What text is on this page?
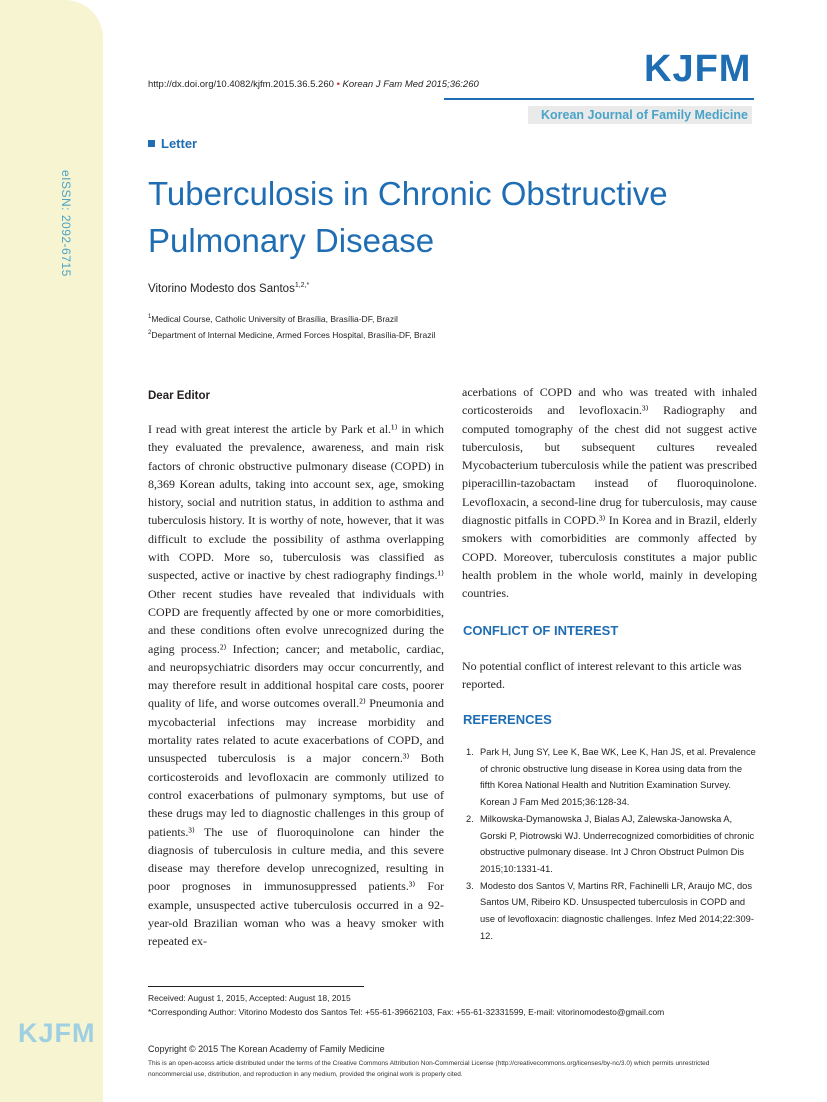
eISSN: 2092-6715
KJFM
http://dx.doi.org/10.4082/kjfm.2015.36.5.260 • Korean J Fam Med 2015;36:260	KJFM
Korean Journal of Family Medicine
Letter
Tuberculosis in Chronic Obstructive Pulmonary Disease
Vitorino Modesto dos Santos$^{1,2,*}$
$^1$Medical Course, Catholic University of Brasília, Brasília-DF, Brazil
$^2$Department of Internal Medicine, Armed Forces Hospital, Brasília-DF, Brazil
Dear Editor

I read with great interest the article by Park et al.¹⁾ in which they evaluated the prevalence, awareness, and main risk factors of chronic obstructive pulmonary disease (COPD) in 8,369 Korean adults, taking into account sex, age, smoking history, social and nutrition status, in addition to asthma and tuberculosis history. It is worthy of note, however, that it was difficult to exclude the possibility of asthma overlapping with COPD. More so, tuberculosis was classified as suspected, active or inactive by chest radiography findings.¹⁾ Other recent studies have revealed that individuals with COPD are frequently affected by one or more comorbidities, and these conditions often evolve unrecognized during the aging process.²⁾ Infection; cancer; and metabolic, cardiac, and neuropsychiatric disorders may occur concurrently, and may therefore result in additional hospital care costs, poorer quality of life, and worse outcomes overall.²⁾ Pneumonia and mycobacterial infections may increase morbidity and mortality rates related to acute exacerbations of COPD, and unsuspected tuberculosis is a major concern.³⁾ Both corticosteroids and levofloxacin are commonly utilized to control exacerbations of pulmonary symptoms, but use of these drugs may led to diagnostic challenges in this group of patients.³⁾ The use of fluoroquinolone can hinder the diagnosis of tuberculosis in culture media, and this severe disease may therefore develop unrecognized, resulting in poor prognoses in immunosuppressed patients.³⁾ For example, unsuspected active tuberculosis occurred in a 92-year-old Brazilian woman who was a heavy smoker with repeated ex-

acerbations of COPD and who was treated with inhaled corticosteroids and levofloxacin.³⁾ Radiography and computed tomography of the chest did not suggest active tuberculosis, but subsequent cultures revealed Mycobacterium tuberculosis while the patient was prescribed piperacillin-tazobactam instead of fluoroquinolone. Levofloxacin, a second-line drug for tuberculosis, may cause diagnostic pitfalls in COPD.³⁾ In Korea and in Brazil, elderly smokers with comorbidities are commonly affected by COPD. Moreover, tuberculosis constitutes a major public health problem in the whole world, mainly in developing countries.

CONFLICT OF INTEREST
No potential conflict of interest relevant to this article was reported.
REFERENCES
1. Park H, Jung SY, Lee K, Bae WK, Lee K, Han JS, et al. Prevalence of chronic obstructive lung disease in Korea using data from the fifth Korea National Health and Nutrition Examination Survey. Korean J Fam Med 2015;36:128-34.
2. Milkowska-Dymanowska J, Bialas AJ, Zalewska-Janowska A, Gorski P, Piotrowski WJ. Underrecognized comorbidities of chronic obstructive pulmonary disease. Int J Chron Obstruct Pulmon Dis 2015;10:1331-41.
3. Modesto dos Santos V, Martins RR, Fachinelli LR, Araujo MC, dos Santos UM, Ribeiro KD. Unsuspected tuberculosis in COPD and use of levofloxacin: diagnostic challenges. Infez Med 2014;22:309-12.
Received: August 1, 2015, Accepted: August 18, 2015
*Corresponding Author: Vitorino Modesto dos Santos Tel: +55-61-39662103, Fax: +55-61-32331599, E-mail: vitorinomodesto@gmail.com
Copyright © 2015 The Korean Academy of Family Medicine
This is an open-access article distributed under the terms of the Creative Commons Attribution Non-Commercial License (http://creativecommons.org/licenses/by-nc/3.0) which permits unrestricted noncommercial use, distribution, and reproduction in any medium, provided the original work is properly cited.
